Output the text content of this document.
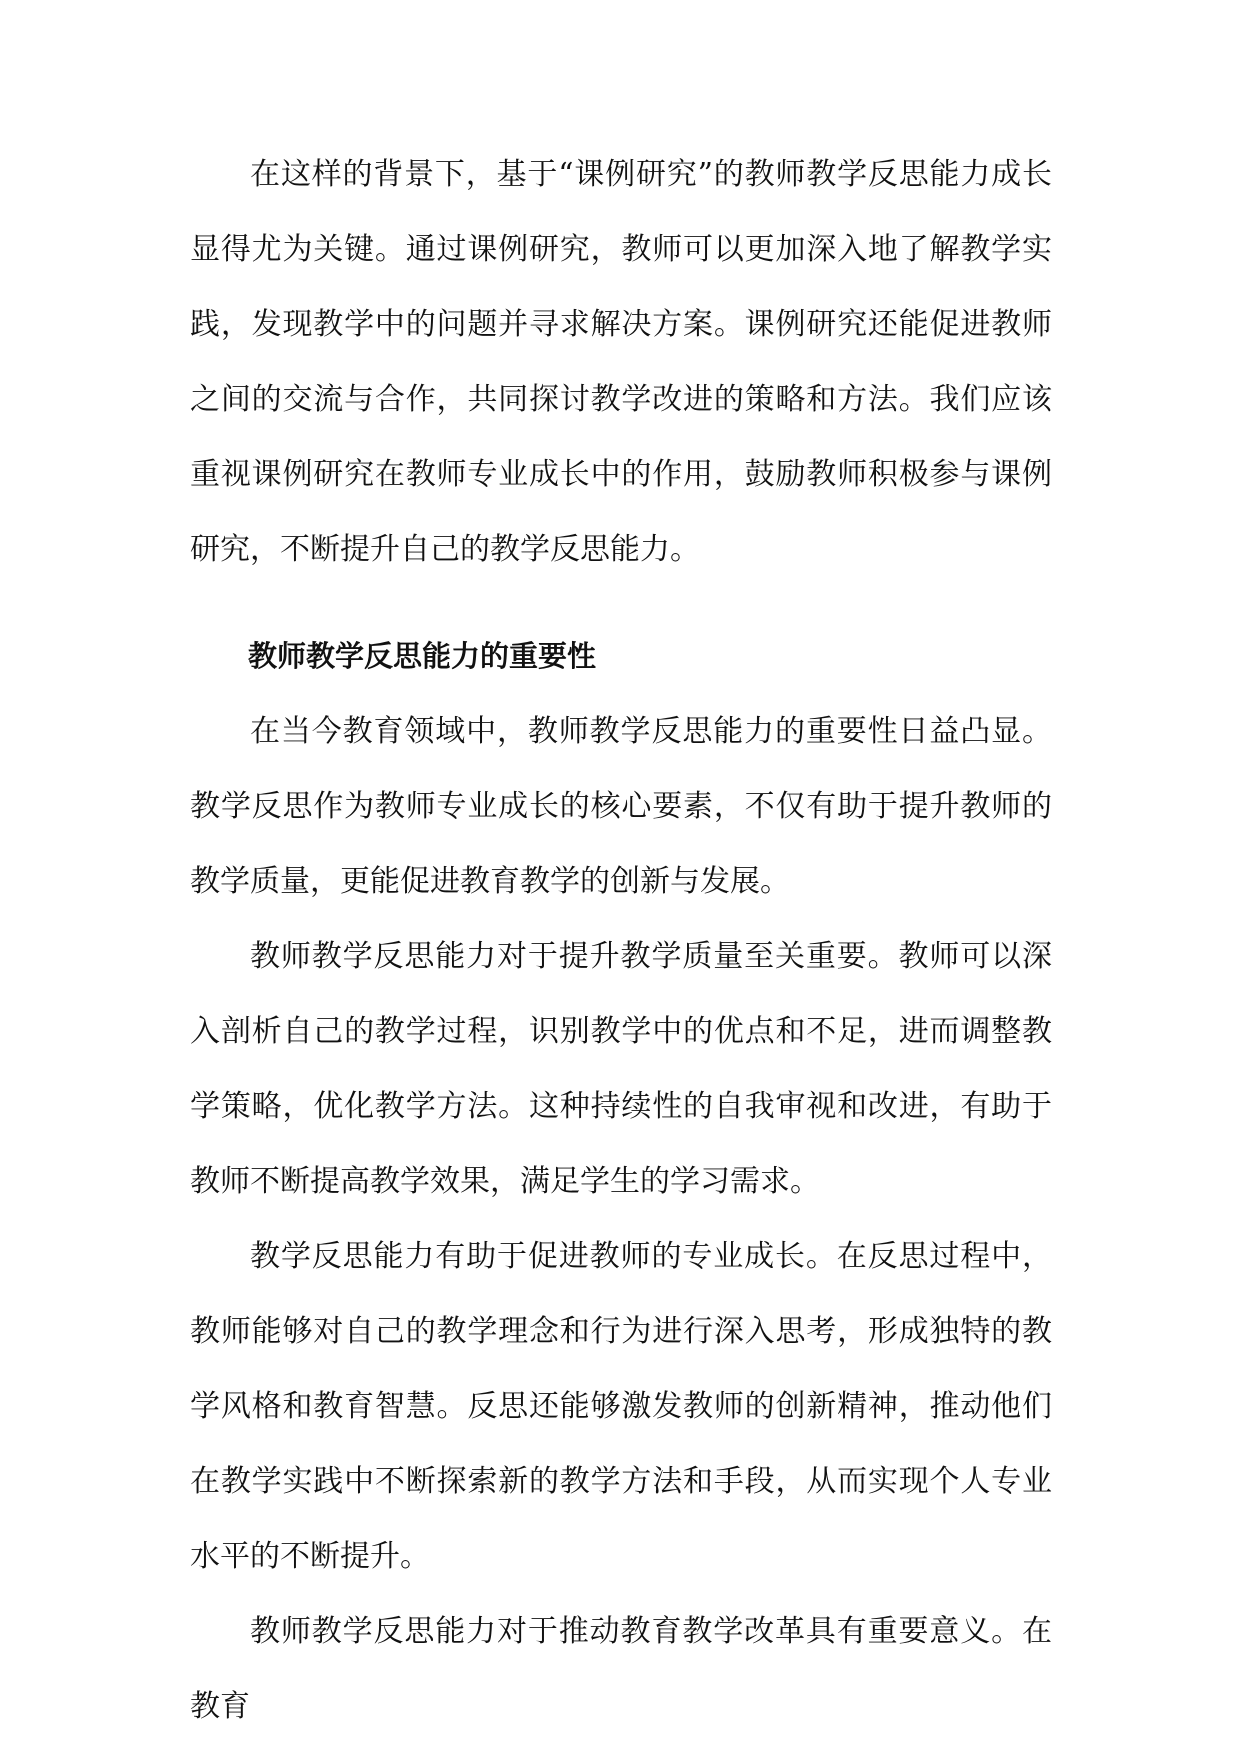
在这样的背景下，基于“课例研究”的教师教学反思能力成长显得尤为关键。通过课例研究，教师可以更加深入地了解教学实践，发现教学中的问题并寻求解决方案。课例研究还能促进教师之间的交流与合作，共同探讨教学改进的策略和方法。我们应该重视课例研究在教师专业成长中的作用，鼓励教师积极参与课例研究，不断提升自己的教学反思能力。

教师教学反思能力的重要性

在当今教育领域中，教师教学反思能力的重要性日益凸显。教学反思作为教师专业成长的核心要素，不仅有助于提升教师的教学质量，更能促进教育教学的创新与发展。

教师教学反思能力对于提升教学质量至关重要。教师可以深入剖析自己的教学过程，识别教学中的优点和不足，进而调整教学策略，优化教学方法。这种持续性的自我审视和改进，有助于教师不断提高教学效果，满足学生的学习需求。

教学反思能力有助于促进教师的专业成长。在反思过程中，教师能够对自己的教学理念和行为进行深入思考，形成独特的教学风格和教育智慧。反思还能够激发教师的创新精神，推动他们在教学实践中不断探索新的教学方法和手段，从而实现个人专业水平的不断提升。

教师教学反思能力对于推动教育教学改革具有重要意义。在教育
